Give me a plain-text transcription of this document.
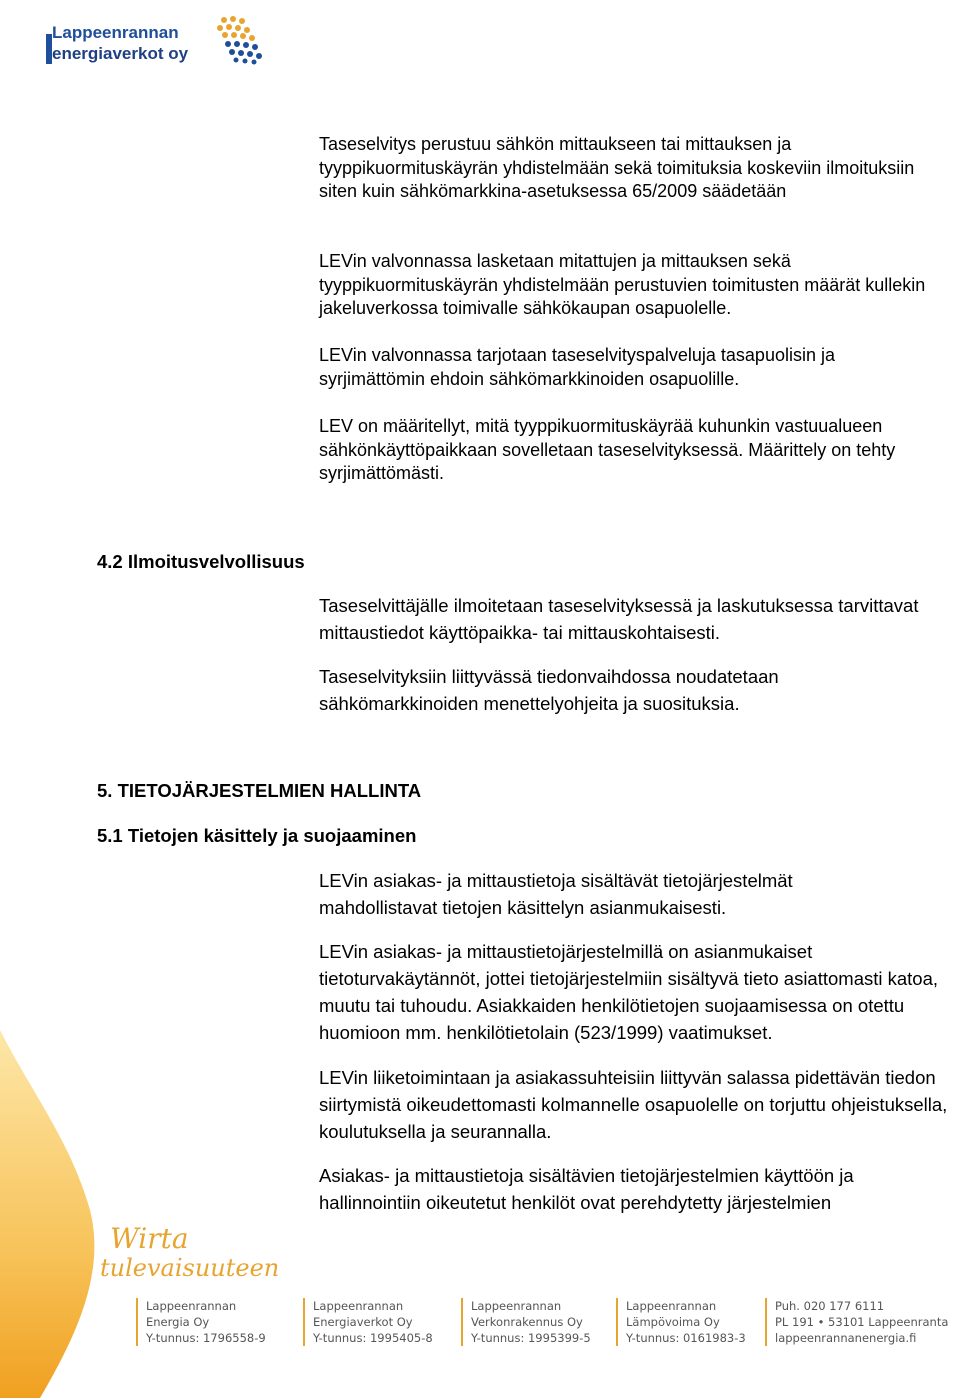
Lappeenrannan
energiaverkot oy

Taseselvitys perustuu sähkön mittaukseen tai mittauksen ja tyyppikuormituskäyrän yhdistelmään sekä toimituksia koskeviin ilmoituksiin siten kuin sähkömarkkina-asetuksessa 65/2009 säädetään

LEVin valvonnassa lasketaan mitattujen ja mittauksen sekä tyyppikuormituskäyrän yhdistelmään perustuvien toimitusten määrät kullekin jakeluverkossa toimivalle sähkökaupan osapuolelle.

LEVin valvonnassa tarjotaan taseselvityspalveluja tasapuolisin ja syrjimättömin ehdoin sähkömarkkinoiden osapuolille.

LEV on määritellyt, mitä tyyppikuormituskäyrää kuhunkin vastuualueen sähkönkäyttöpaikkaan sovelletaan taseselvityksessä. Määrittely on tehty syrjimättömästi.

4.2 Ilmoitusvelvollisuus

Taseselvittäjälle ilmoitetaan taseselvityksessä ja laskutuksessa tarvittavat mittaustiedot käyttöpaikka- tai mittauskohtaisesti.

Taseselvityksiin liittyvässä tiedonvaihdossa noudatetaan sähkömarkkinoiden menettelyohjeita ja suosituksia.

5. TIETOJÄRJESTELMIEN HALLINTA
5.1 Tietojen käsittely ja suojaaminen

LEVin asiakas- ja mittaustietoja sisältävät tietojärjestelmät mahdollistavat tietojen käsittelyn asianmukaisesti.

LEVin asiakas- ja mittaustietojärjestelmillä on asianmukaiset tietoturvakäytännöt, jottei tietojärjestelmiin sisältyvä tieto asiattomasti katoa, muutu tai tuhoudu. Asiakkaiden henkilötietojen suojaamisessa on otettu huomioon mm. henkilötietolain (523/1999) vaatimukset.

LEVin liiketoimintaan ja asiakassuhteisiin liittyvän salassa pidettävän tiedon siirtymistä oikeudettomasti kolmannelle osapuolelle on torjuttu ohjeistuksella, koulutuksella ja seurannalla.

Asiakas- ja mittaustietoja sisältävien tietojärjestelmien käyttöön ja hallinnointiin oikeutetut henkilöt ovat perehdytetty järjestelmien

Wirta
tulevaisuuteen
Lappeenrannan
Energia Oy
Y-tunnus: 1796558-9
Lappeenrannan
Energiaverkot Oy
Y-tunnus: 1995405-8
Lappeenrannan
Verkonrakennus Oy
Y-tunnus: 1995399-5
Lappeenrannan
Lämpövoima Oy
Y-tunnus: 0161983-3
Puh. 020 177 6111
PL 191 • 53101 Lappeenranta
lappeenrannanenergia.fi
